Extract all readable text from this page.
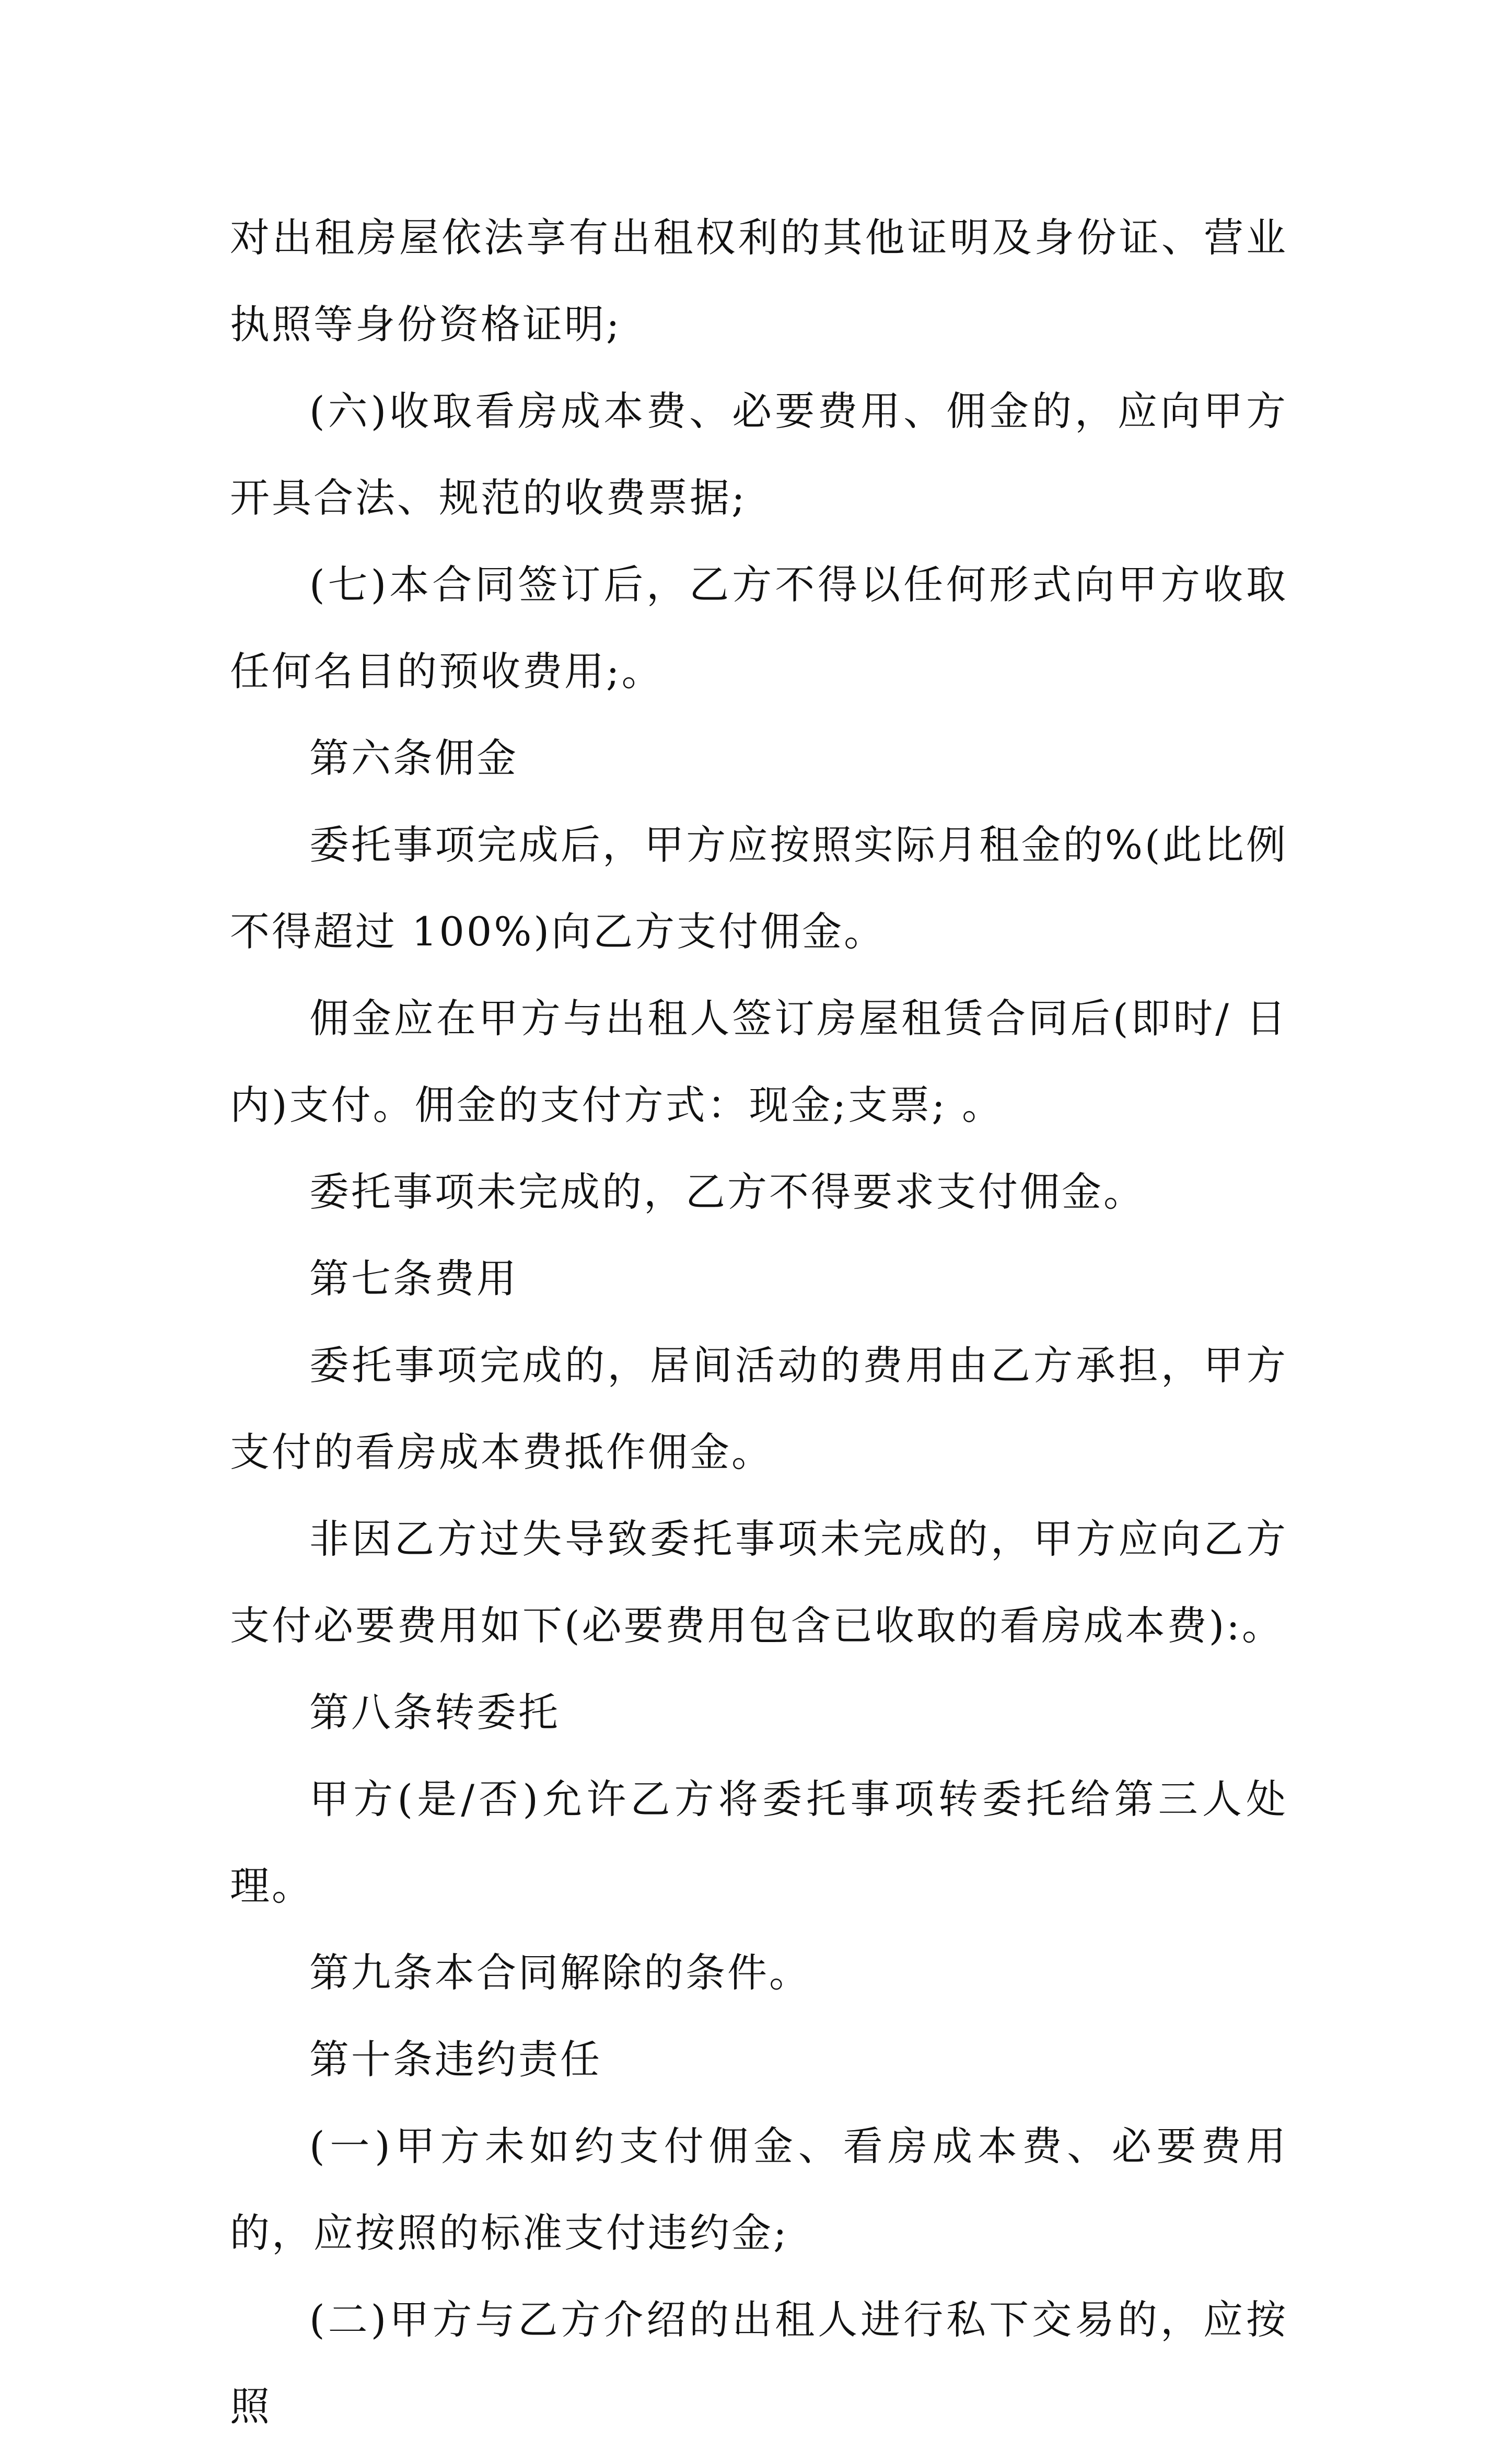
对出租房屋依法享有出租权利的其他证明及身份证、营业执照等身份资格证明;

(六)收取看房成本费、必要费用、佣金的，应向甲方开具合法、规范的收费票据;

(七)本合同签订后，乙方不得以任何形式向甲方收取任何名目的预收费用;。

第六条佣金

委托事项完成后，甲方应按照实际月租金的%(此比例不得超过 100%)向乙方支付佣金。

佣金应在甲方与出租人签订房屋租赁合同后(即时/ 日内)支付。佣金的支付方式：现金;支票; 。

委托事项未完成的，乙方不得要求支付佣金。

第七条费用

委托事项完成的，居间活动的费用由乙方承担，甲方支付的看房成本费抵作佣金。

非因乙方过失导致委托事项未完成的，甲方应向乙方支付必要费用如下(必要费用包含已收取的看房成本费):。

第八条转委托

甲方(是/否)允许乙方将委托事项转委托给第三人处理。

第九条本合同解除的条件。

第十条违约责任

(一)甲方未如约支付佣金、看房成本费、必要费用的，应按照的标准支付违约金;

(二)甲方与乙方介绍的出租人进行私下交易的，应按照
